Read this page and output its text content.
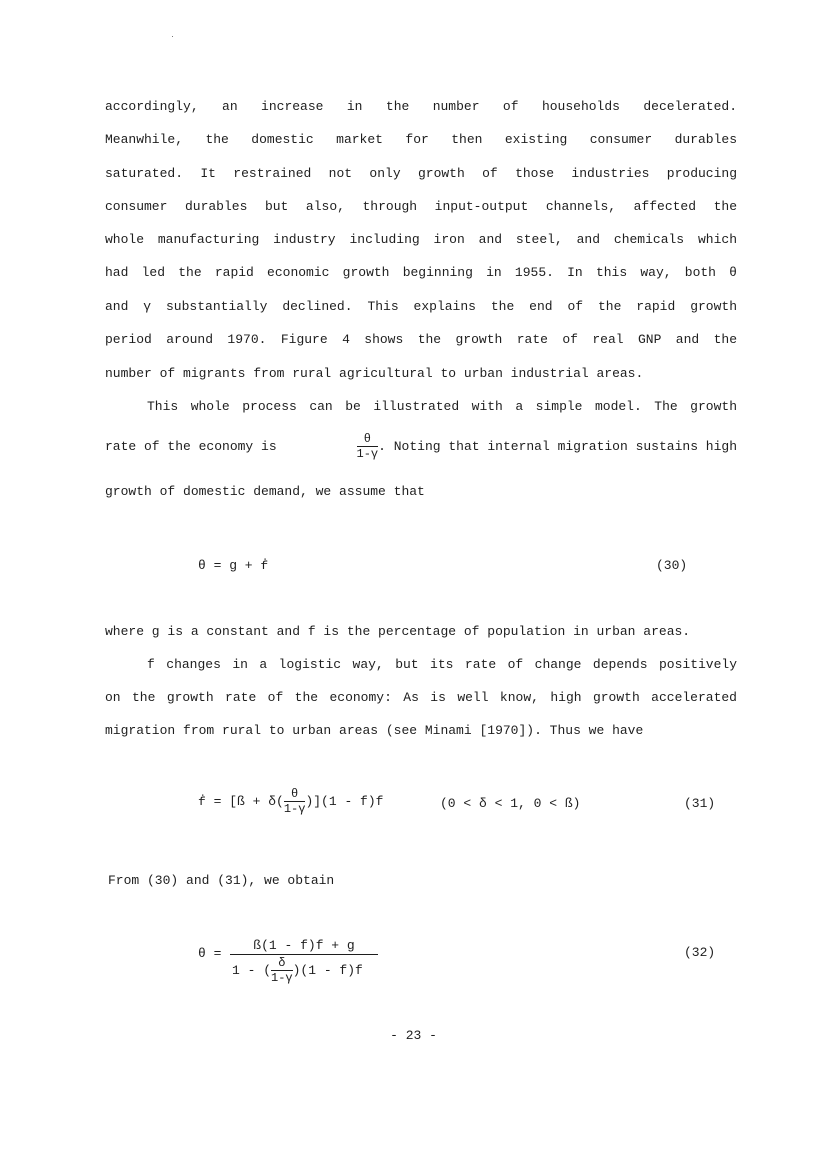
accordingly, an increase in the number of households decelerated.
Meanwhile, the domestic market for then existing consumer durables
saturated. It restrained not only growth of those industries producing
consumer durables but also, through input-output channels, affected the
whole manufacturing industry including iron and steel, and chemicals which
had led the rapid economic growth beginning in 1955. In this way, both θ
and γ substantially declined. This explains the end of the rapid growth
period around 1970. Figure 4 shows the growth rate of real GNP and the
number of migrants from rural agricultural to urban industrial areas.
This whole process can be illustrated with a simple model. The growth
rate of the economy is	$\frac{\theta}{1-\gamma}$ . Noting that internal migration sustains high
growth of domestic demand, we assume that
θ = g + ḟ	(30)
where g is a constant and f is the percentage of population in urban areas.
f changes in a logistic way, but its rate of change depends positively
on the growth rate of the economy: As is well know, high growth accelerated
migration from rural to urban areas (see Minami [1970]). Thus we have
ḟ = [ß + $\delta( \frac{\theta}{1-\gamma} )](1 - f)f$	(0 < δ < 1, 0 < ß)	(31)
From (30) and (31), we obtain
θ =
ß(1 - f)f + g
1 - ( $\frac{\delta}{1-\gamma} )(1 - f)f$
(32)
- 23 -
